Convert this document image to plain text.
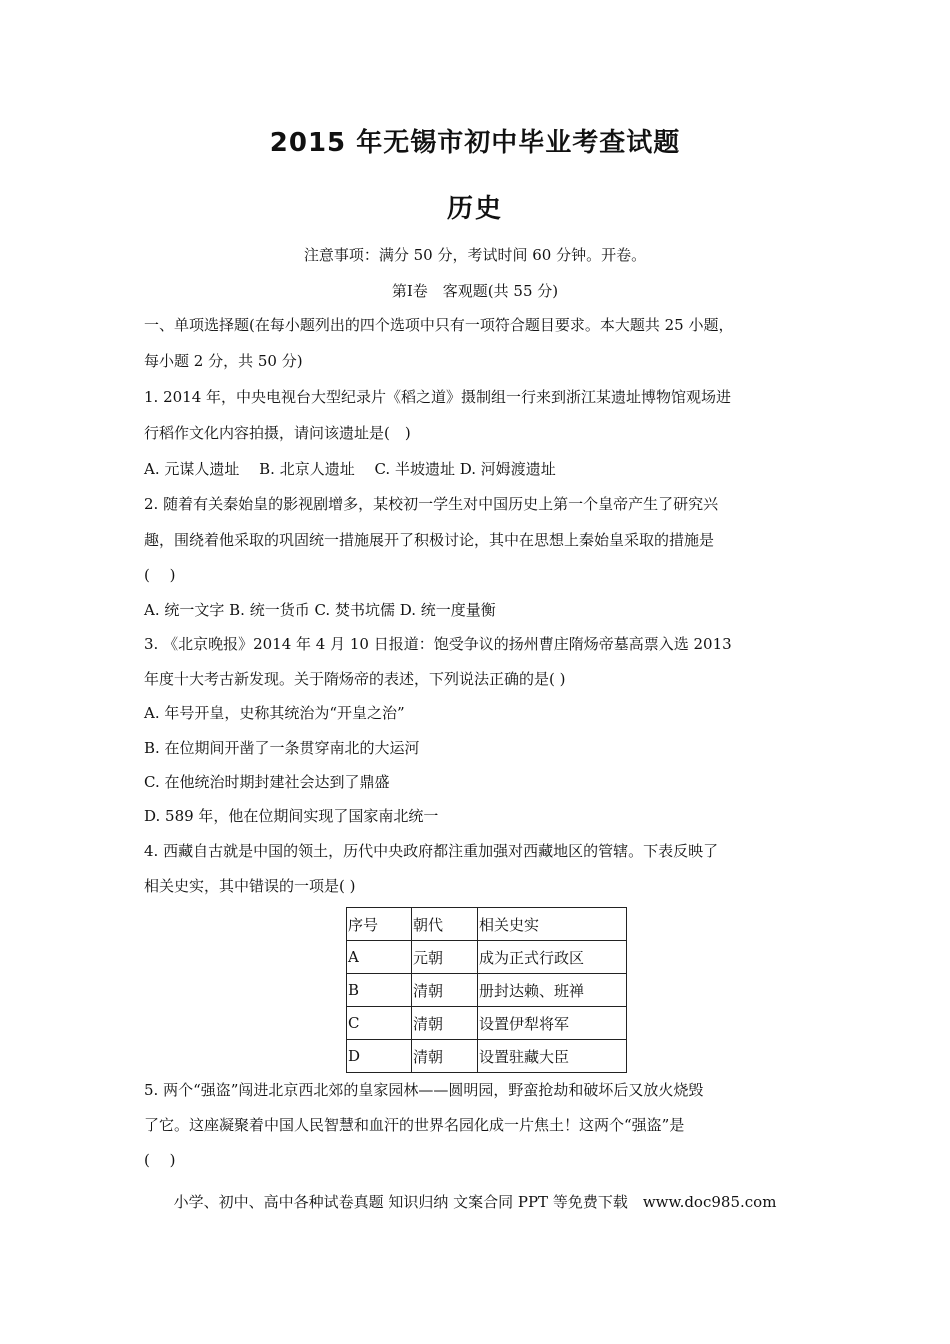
2015 年无锡市初中毕业考查试题
历史
注意事项：满分 50 分，考试时间 60 分钟。开卷。
第Ⅰ卷　客观题(共 55 分)
一、单项选择题(在每小题列出的四个选项中只有一项符合题目要求。本大题共 25 小题，
每小题 2 分，共 50 分)
1. 2014 年，中央电视台大型纪录片《稻之道》摄制组一行来到浙江某遗址博物馆观场进
行稻作文化内容拍摄，请问该遗址是(　)
A. 元谋人遗址　 B. 北京人遗址　 C. 半坡遗址 D. 河姆渡遗址
2. 随着有关秦始皇的影视剧增多，某校初一学生对中国历史上第一个皇帝产生了研究兴
趣，围绕着他采取的巩固统一措施展开了积极讨论，其中在思想上秦始皇采取的措施是
(　 )
A. 统一文字 B. 统一货币 C. 焚书坑儒 D. 统一度量衡
3. 《北京晚报》2014 年 4 月 10 日报道：饱受争议的扬州曹庄隋炀帝墓高票入选 2013
年度十大考古新发现。关于隋炀帝的表述，下列说法正确的是( )
A. 年号开皇，史称其统治为“开皇之治”
B. 在位期间开凿了一条贯穿南北的大运河
C. 在他统治时期封建社会达到了鼎盛
D. 589 年，他在位期间实现了国家南北统一
4. 西藏自古就是中国的领土，历代中央政府都注重加强对西藏地区的管辖。下表反映了
相关史实，其中错误的一项是( )
序号	朝代	相关史实
A	元朝	成为正式行政区
B	清朝	册封达赖、班禅
C	清朝	设置伊犁将军
D	清朝	设置驻藏大臣
5. 两个“强盗”闯进北京西北郊的皇家园林——圆明园，野蛮抢劫和破坏后又放火烧毁
了它。这座凝聚着中国人民智慧和血汗的世界名园化成一片焦土！这两个“强盗”是
(　 )
小学、初中、高中各种试卷真题 知识归纳 文案合同 PPT 等免费下载　www.doc985.com
